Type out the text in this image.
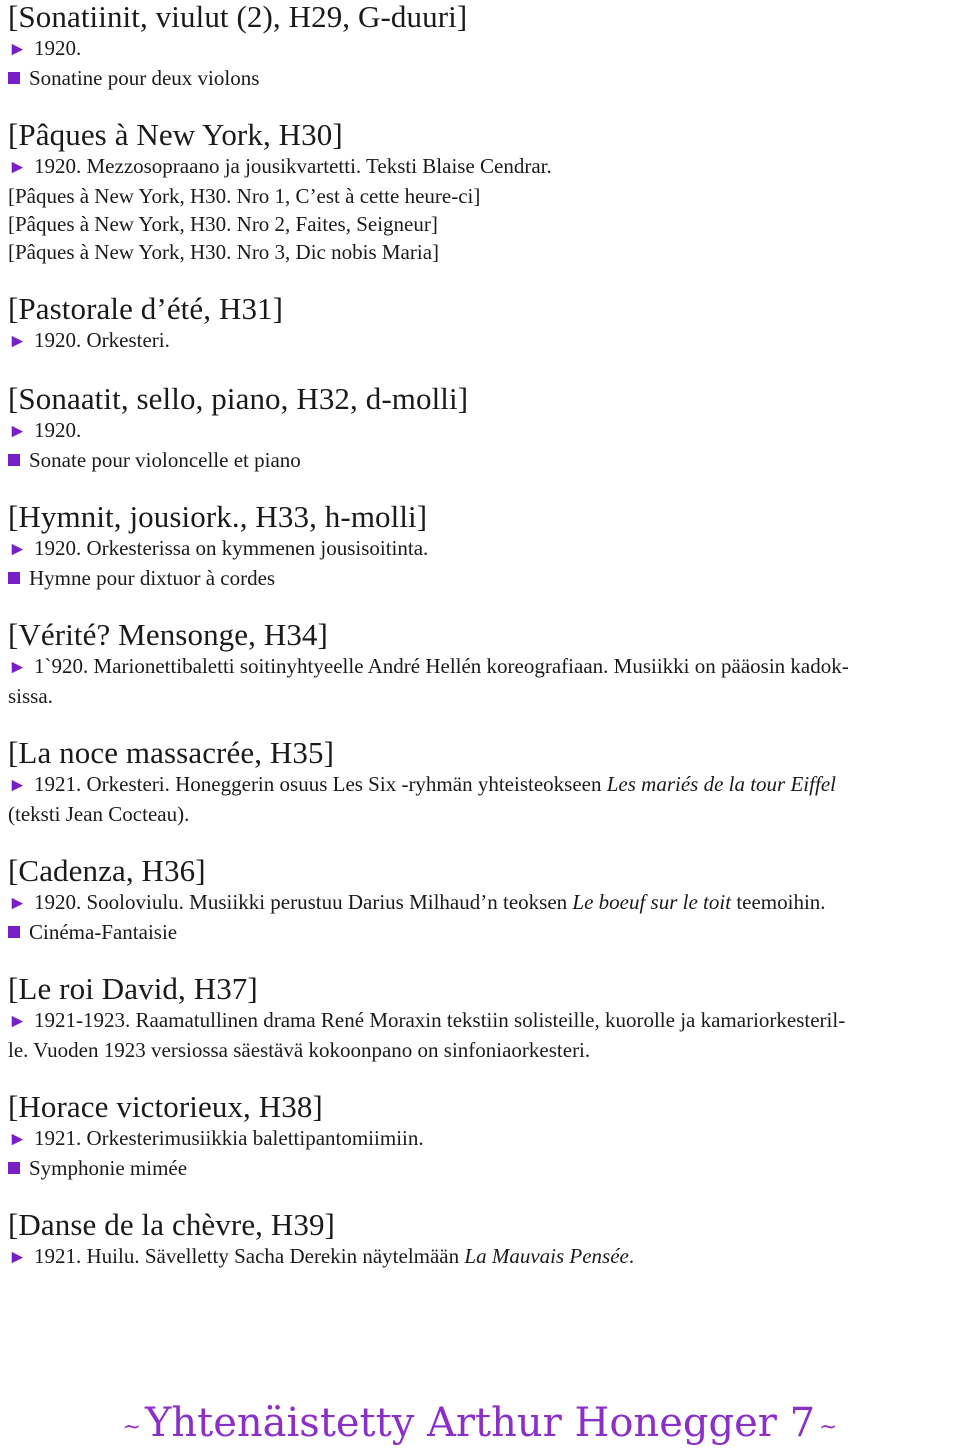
[Sonatiinit, viulut (2), H29, G-duuri]

► 1920.

Sonatine pour deux violons

[Pâques à New York, H30]

► 1920. Mezzosopraano ja jousikvartetti. Teksti Blaise Cendrar.

[Pâques à New York, H30. Nro 1, C’est à cette heure-ci]

[Pâques à New York, H30. Nro 2, Faites, Seigneur]

[Pâques à New York, H30. Nro 3, Dic nobis Maria]

[Pastorale d’été, H31]

► 1920. Orkesteri.

[Sonaatit, sello, piano, H32, d-molli]

► 1920.

Sonate pour violoncelle et piano

[Hymnit, jousiork., H33, h-molli]

► 1920. Orkesterissa on kymmenen jousisoitinta.

Hymne pour dixtuor à cordes

[Vérité? Mensonge, H34]

► 1`920. Marionettibaletti soitinyhtyeelle André Hellén koreografiaan. Musiikki on pääosin kadok-

sissa.

[La noce massacrée, H35]

► 1921. Orkesteri. Honeggerin osuus Les Six -ryhmän yhteisteokseen Les mariés de la tour Eiffel

(teksti Jean Cocteau).

[Cadenza, H36]

► 1920. Sooloviulu. Musiikki perustuu Darius Milhaud’n teoksen Le boeuf sur le toit teemoihin.

Cinéma-Fantaisie

[Le roi David, H37]

► 1921-1923. Raamatullinen drama René Moraxin tekstiin solisteille, kuorolle ja kamariorkesteril-

le. Vuoden 1923 versiossa säestävä kokoonpano on sinfoniaorkesteri.

[Horace victorieux, H38]

► 1921. Orkesterimusiikkia balettipantomiimiin.

Symphonie mimée

[Danse de la chèvre, H39]

► 1921. Huilu. Sävelletty Sacha Derekin näytelmään La Mauvais Pensée.

~ Yhtenäistetty Arthur Honegger 7 ~
